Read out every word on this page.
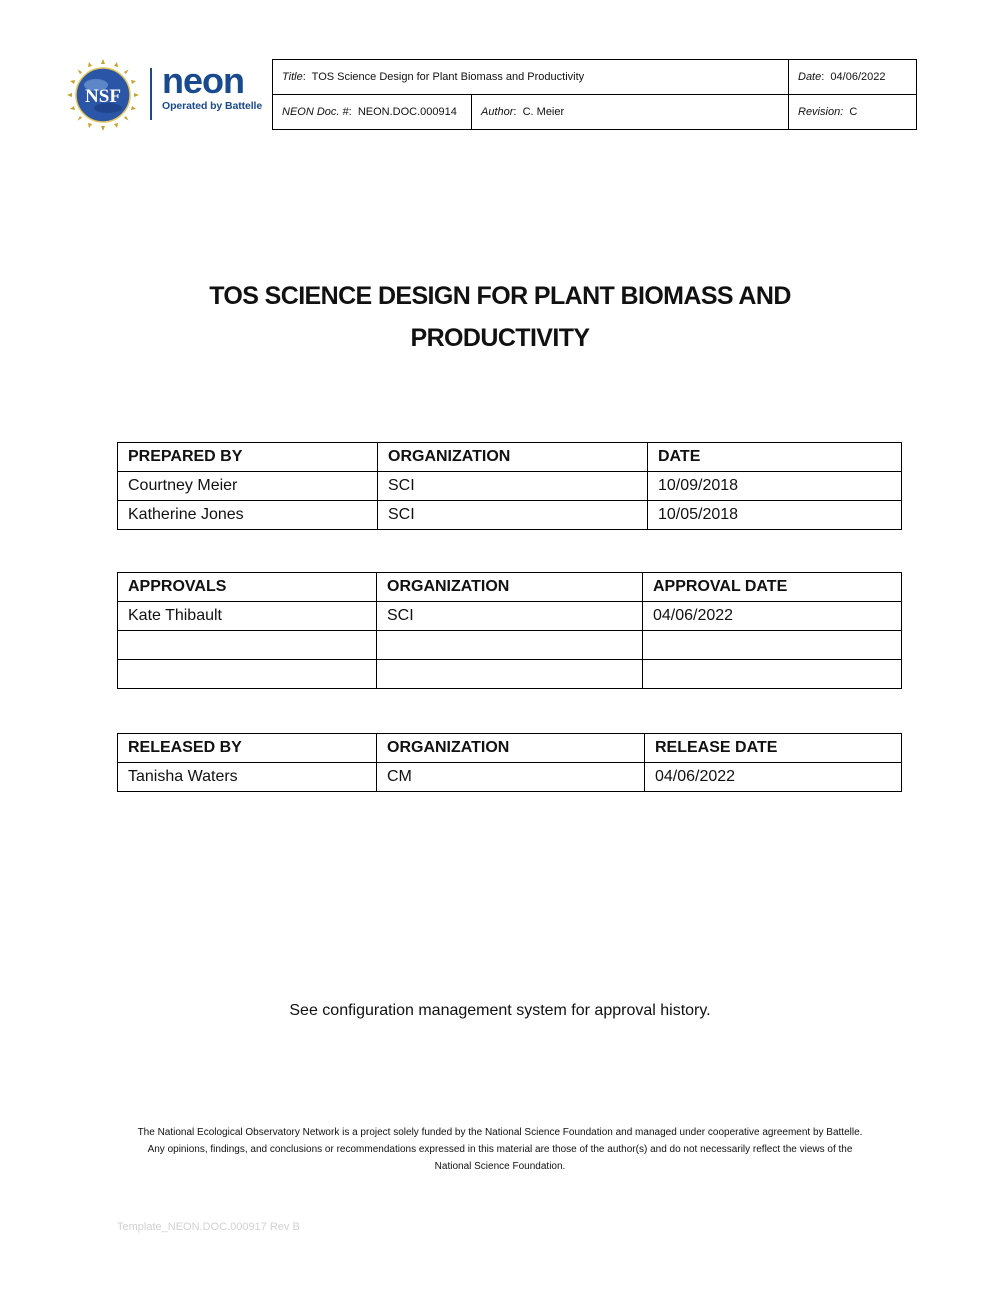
NSF neon
Operated by Battelle
Title:  TOS Science Design for Plant Biomass and Productivity		Date:  04/06/2022
NEON Doc. #:  NEON.DOC.000914	Author:  C. Meier	Revision: C
TOS SCIENCE DESIGN FOR PLANT BIOMASS AND
PRODUCTIVITY
PREPARED BY	ORGANIZATION	DATE
Courtney Meier	SCI	10/09/2018
Katherine Jones	SCI	10/05/2018
APPROVALS	ORGANIZATION	APPROVAL DATE
Kate Thibault	SCI	04/06/2022

RELEASED BY	ORGANIZATION	RELEASE DATE
Tanisha Waters	CM	04/06/2022
See configuration management system for approval history.
The National Ecological Observatory Network is a project solely funded by the National Science Foundation and managed under cooperative agreement by Battelle.
Any opinions, findings, and conclusions or recommendations expressed in this material are those of the author(s) and do not necessarily reflect the views of the
National Science Foundation.
Template_NEON.DOC.000917 Rev B
